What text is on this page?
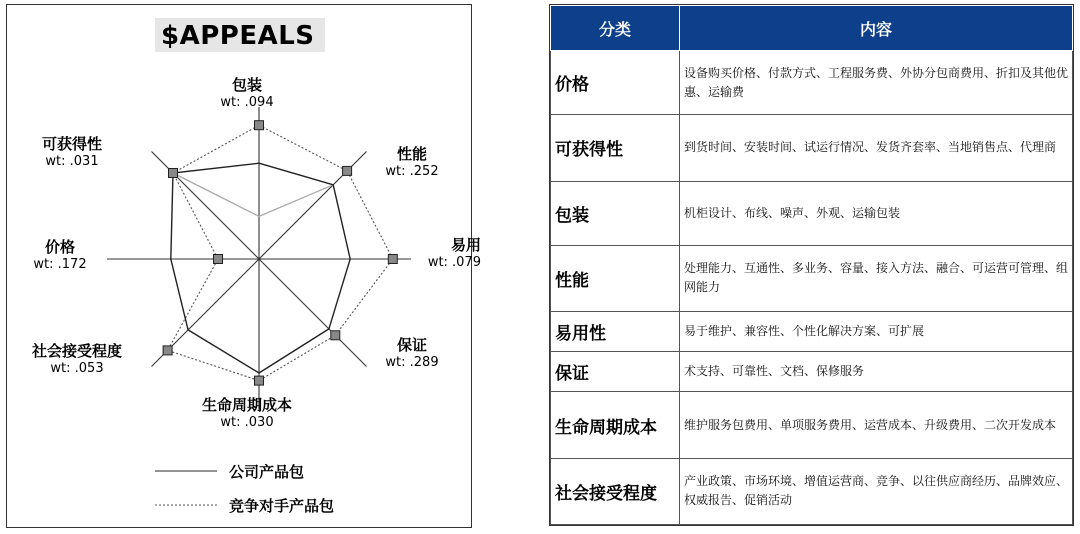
$APPEALS
包装
wt: .094
性能
wt: .252
易用
wt: .079
保证
wt: .289
生命周期成本
wt: .030
社会接受程度
wt: .053
价格
wt: .172
可获得性
wt: .031
公司产品包
竞争对手产品包
分类	内容
价格	设备购买价格、付款方式、工程服务费、外协分包商费用、折扣及其他优惠、运输费
可获得性	到货时间、安装时间、试运行情况、发货齐套率、当地销售点、代理商
包装	机柜设计、布线、噪声、外观、运输包装
性能	处理能力、互通性、多业务、容量、接入方法、融合、可运营可管理、组网能力
易用性	易于维护、兼容性、个性化解决方案、可扩展
保证	术支持、可靠性、文档、保修服务
生命周期成本	维护服务包费用、单项服务费用、运营成本、升级费用、二次开发成本
社会接受程度	产业政策、市场环境、增值运营商、竞争、以往供应商经历、品牌效应、权威报告、促销活动
